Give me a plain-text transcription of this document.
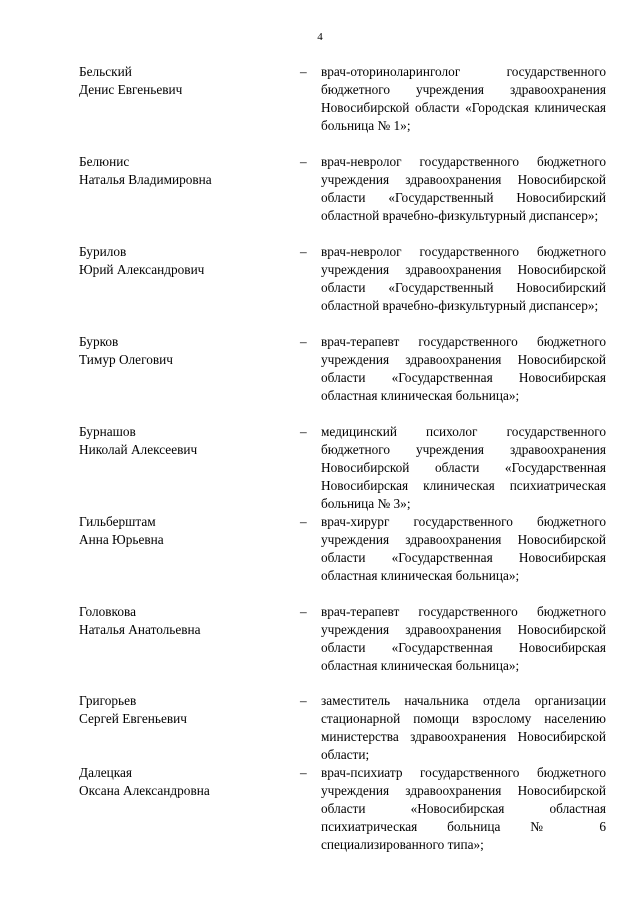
4
Бельский
Денис Евгеньевич
– врач-оториноларинголог государственного бюджетного учреждения здравоохранения Новосибирской области «Городская клиническая больница № 1»;
Белюнис
Наталья Владимировна
– врач-невролог государственного бюджетного учреждения здравоохранения Новосибирской области «Государственный Новосибирский областной врачебно-физкультурный диспансер»;
Бурилов
Юрий Александрович
– врач-невролог государственного бюджетного учреждения здравоохранения Новосибирской области «Государственный Новосибирский областной врачебно-физкультурный диспансер»;
Бурков
Тимур Олегович
– врач-терапевт государственного бюджетного учреждения здравоохранения Новосибирской области «Государственная Новосибирская областная клиническая больница»;
Бурнашов
Николай Алексеевич
– медицинский психолог государственного бюджетного учреждения здравоохранения Новосибирской области «Государственная Новосибирская клиническая психиатрическая больница № 3»;
Гильберштам
Анна Юрьевна
– врач-хирург государственного бюджетного учреждения здравоохранения Новосибирской области «Государственная Новосибирская областная клиническая больница»;
Головкова
Наталья Анатольевна
– врач-терапевт государственного бюджетного учреждения здравоохранения Новосибирской области «Государственная Новосибирская областная клиническая больница»;
Григорьев
Сергей Евгеньевич
– заместитель начальника отдела организации стационарной помощи взрослому населению министерства здравоохранения Новосибирской области;
Далецкая
Оксана Александровна
– врач-психиатр государственного бюджетного учреждения здравоохранения Новосибирской области «Новосибирская областная психиатрическая больница № 6 специализированного типа»;
